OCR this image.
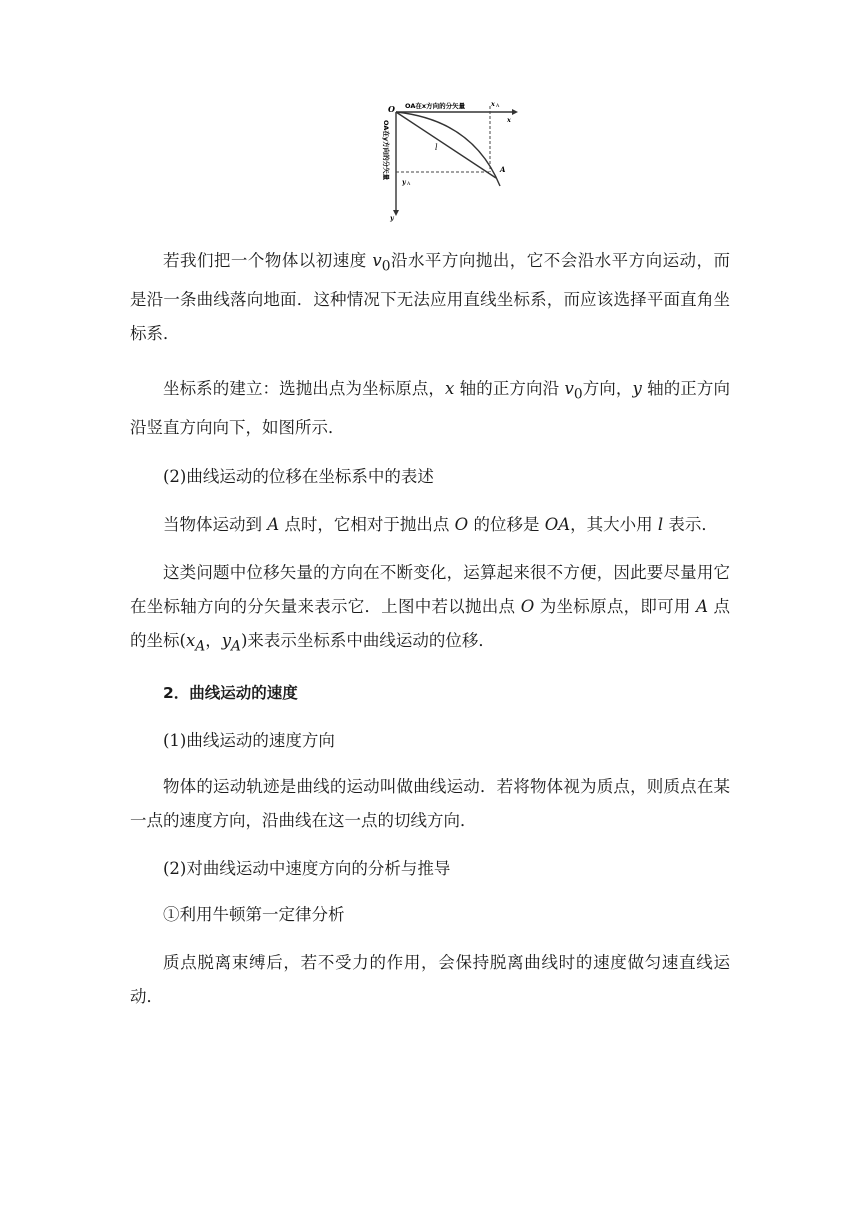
O OA在x方向的分矢量	x A
x
l
A
y A
y
OA在y方向的分矢量

若我们把一个物体以初速度 $v_0$沿水平方向抛出，它不会沿水平方向运动，而是沿一条曲线落向地面．这种情况下无法应用直线坐标系，而应该选择平面直角坐标系．

坐标系的建立：选抛出点为坐标原点，x 轴的正方向沿 $v_0$方向，y 轴的正方向沿竖直方向向下，如图所示．

(2)曲线运动的位移在坐标系中的表述

当物体运动到 A 点时，它相对于抛出点 O 的位移是 OA，其大小用 l 表示．

这类问题中位移矢量的方向在不断变化，运算起来很不方便，因此要尽量用它在坐标轴方向的分矢量来表示它．上图中若以抛出点 O 为坐标原点，即可用 A 点的坐标($x_A$，$y_A$)来表示坐标系中曲线运动的位移．

2．曲线运动的速度

(1)曲线运动的速度方向

物体的运动轨迹是曲线的运动叫做曲线运动．若将物体视为质点，则质点在某一点的速度方向，沿曲线在这一点的切线方向．

(2)对曲线运动中速度方向的分析与推导

①利用牛顿第一定律分析

质点脱离束缚后，若不受力的作用，会保持脱离曲线时的速度做匀速直线运动．
